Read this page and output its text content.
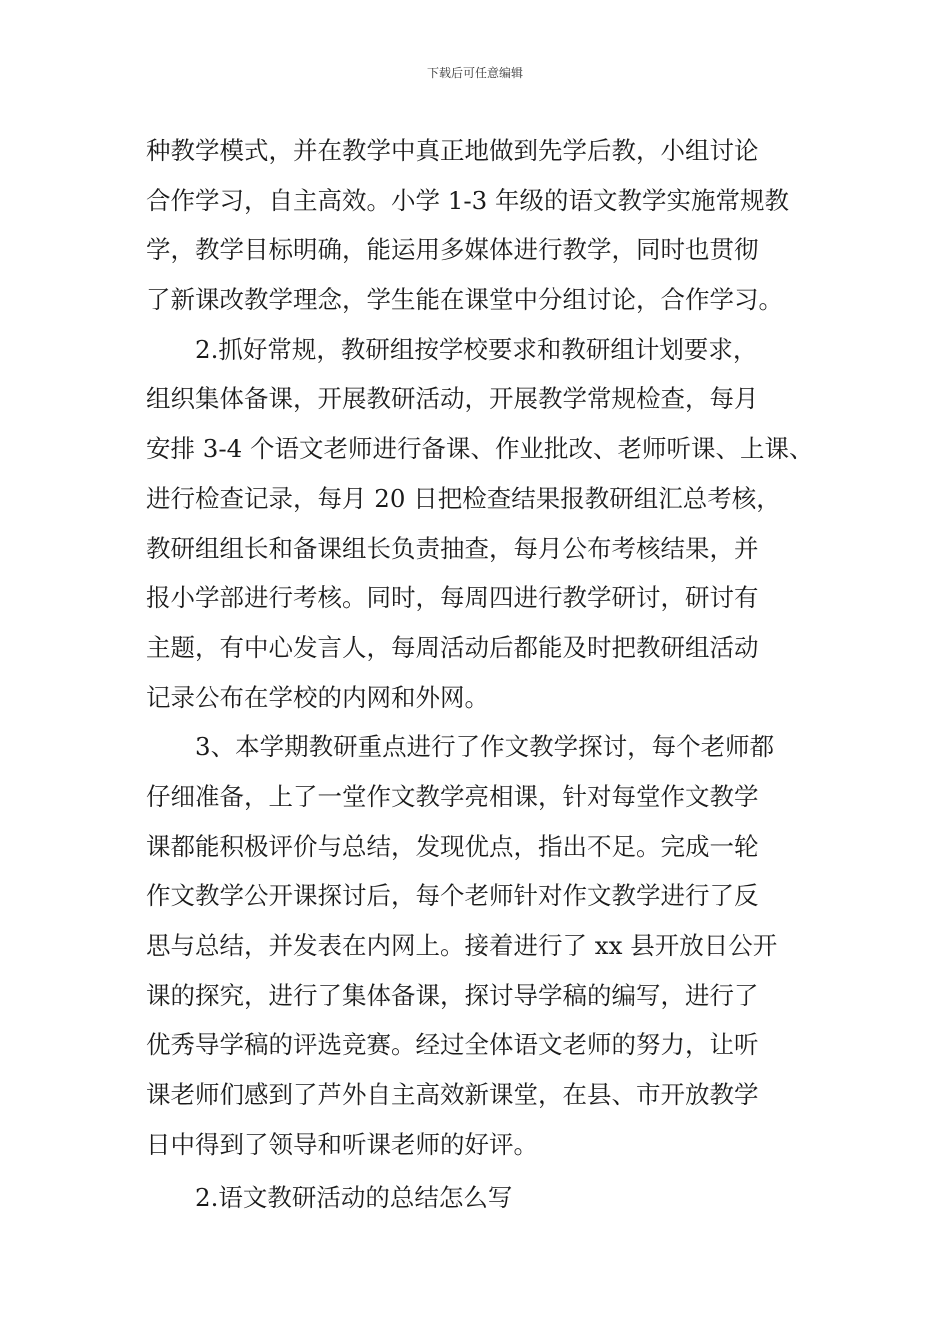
下载后可任意编辑
种教学模式，并在教学中真正地做到先学后教，小组讨论
合作学习，自主高效。小学 1-3 年级的语文教学实施常规教
学，教学目标明确，能运用多媒体进行教学，同时也贯彻
了新课改教学理念，学生能在课堂中分组讨论，合作学习。
2.抓好常规，教研组按学校要求和教研组计划要求，
组织集体备课，开展教研活动，开展教学常规检查，每月
安排 3-4 个语文老师进行备课、作业批改、老师听课、上课、
进行检查记录，每月 20 日把检查结果报教研组汇总考核，
教研组组长和备课组长负责抽查，每月公布考核结果，并
报小学部进行考核。同时，每周四进行教学研讨，研讨有
主题，有中心发言人，每周活动后都能及时把教研组活动
记录公布在学校的内网和外网。
3、本学期教研重点进行了作文教学探讨，每个老师都
仔细准备，上了一堂作文教学亮相课，针对每堂作文教学
课都能积极评价与总结，发现优点，指出不足。完成一轮
作文教学公开课探讨后，每个老师针对作文教学进行了反
思与总结，并发表在内网上。接着进行了 xx 县开放日公开
课的探究，进行了集体备课，探讨导学稿的编写，进行了
优秀导学稿的评选竞赛。经过全体语文老师的努力，让听
课老师们感到了芦外自主高效新课堂，在县、市开放教学
日中得到了领导和听课老师的好评。
2.语文教研活动的总结怎么写
